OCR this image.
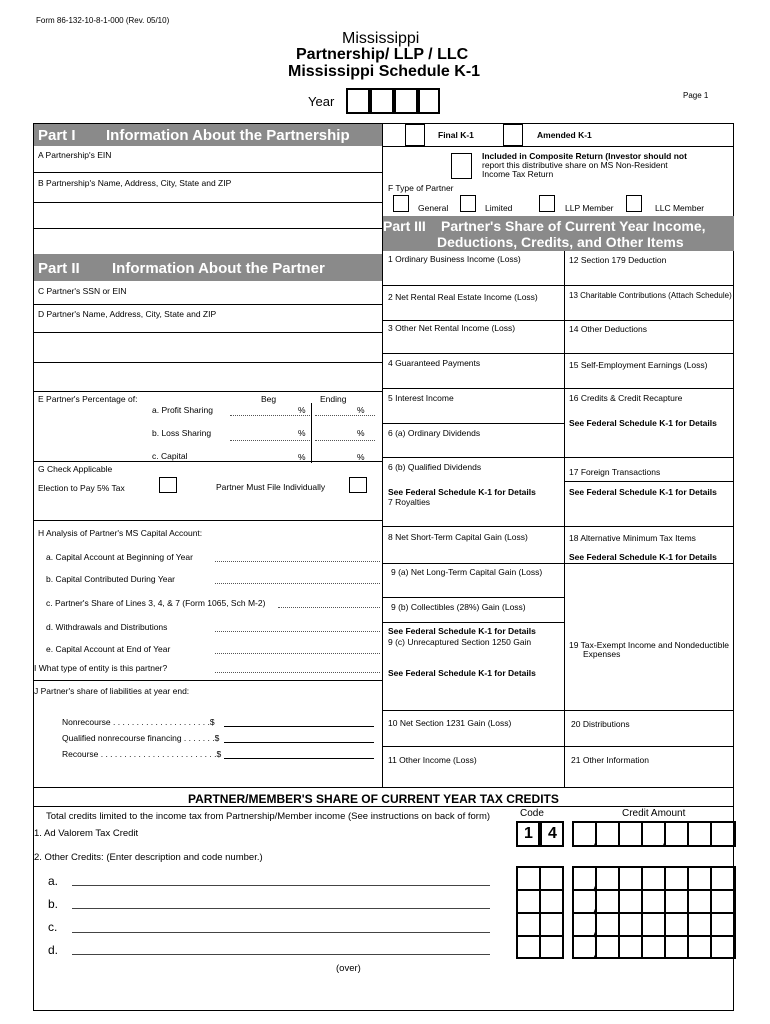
Form 86-132-10-8-1-000 (Rev. 05/10)
Mississippi
Partnership/ LLP / LLC
Mississippi Schedule K-1
Year	Page 1
Part I Information About the Partnership
A Partnership's EIN
B Partnership's Name, Address, City, State and ZIP
Final K-1	Amended K-1
Included in Composite Return (Investor should not
report this distributive share on MS Non-Resident
Income Tax Return
F Type of Partner
General	Limited	LLP Member	LLC Member
Part III Partner's Share of Current Year Income,
Deductions, Credits, and Other Items
Part II Information About the Partner
C Partner's SSN or EIN
D Partner's Name, Address, City, State and ZIP
E Partner's Percentage of:	Beg	Ending
a. Profit Sharing	%	%
b. Loss Sharing	%	%
c. Capital	%	%
G Check Applicable
Election to Pay 5% Tax	Partner Must File Individually
H Analysis of Partner's MS Capital Account:
a. Capital Account at Beginning of Year
b. Capital Contributed During Year
c. Partner's Share of Lines 3, 4, & 7 (Form 1065, Sch M-2)
d. Withdrawals and Distributions
e. Capital Account at End of Year
I What type of entity is this partner?
J Partner's share of liabilities at year end:
Nonrecourse . . . . . . . . . . . . . . . . . . . . .$
Qualified nonrecourse financing . . . . . . .$
Recourse . . . . . . . . . . . . . . . . . . . . . . . . .$
1 Ordinary Business Income (Loss)	12 Section 179 Deduction
2 Net Rental Real Estate Income (Loss)	13 Charitable Contributions (Attach Schedule)
3 Other Net Rental Income (Loss)	14 Other Deductions
4 Guaranteed Payments	15 Self-Employment Earnings (Loss)
5 Interest Income	16 Credits & Credit Recapture
See Federal Schedule K-1 for Details
6 (a) Ordinary Dividends
6 (b) Qualified Dividends	17 Foreign Transactions
See Federal Schedule K-1 for Details	See Federal Schedule K-1 for Details
7 Royalties
8 Net Short-Term Capital Gain (Loss)	18 Alternative Minimum Tax Items
See Federal Schedule K-1 for Details
9 (a) Net Long-Term Capital Gain (Loss)
9 (b) Collectibles (28%) Gain (Loss)
See Federal Schedule K-1 for Details
9 (c) Unrecaptured Section 1250 Gain	19 Tax-Exempt Income and Nondeductible
Expenses
See Federal Schedule K-1 for Details
10 Net Section 1231 Gain (Loss)	20 Distributions
11 Other Income (Loss)	21 Other Information
PARTNER/MEMBER'S SHARE OF CURRENT YEAR TAX CREDITS
Total credits limited to the income tax from Partnership/Member income (See instructions on back of form)	Code	Credit Amount
1. Ad Valorem Tax Credit	1 4
2. Other Credits: (Enter description and code number.)
a.
b.
c.
d.
(over)
